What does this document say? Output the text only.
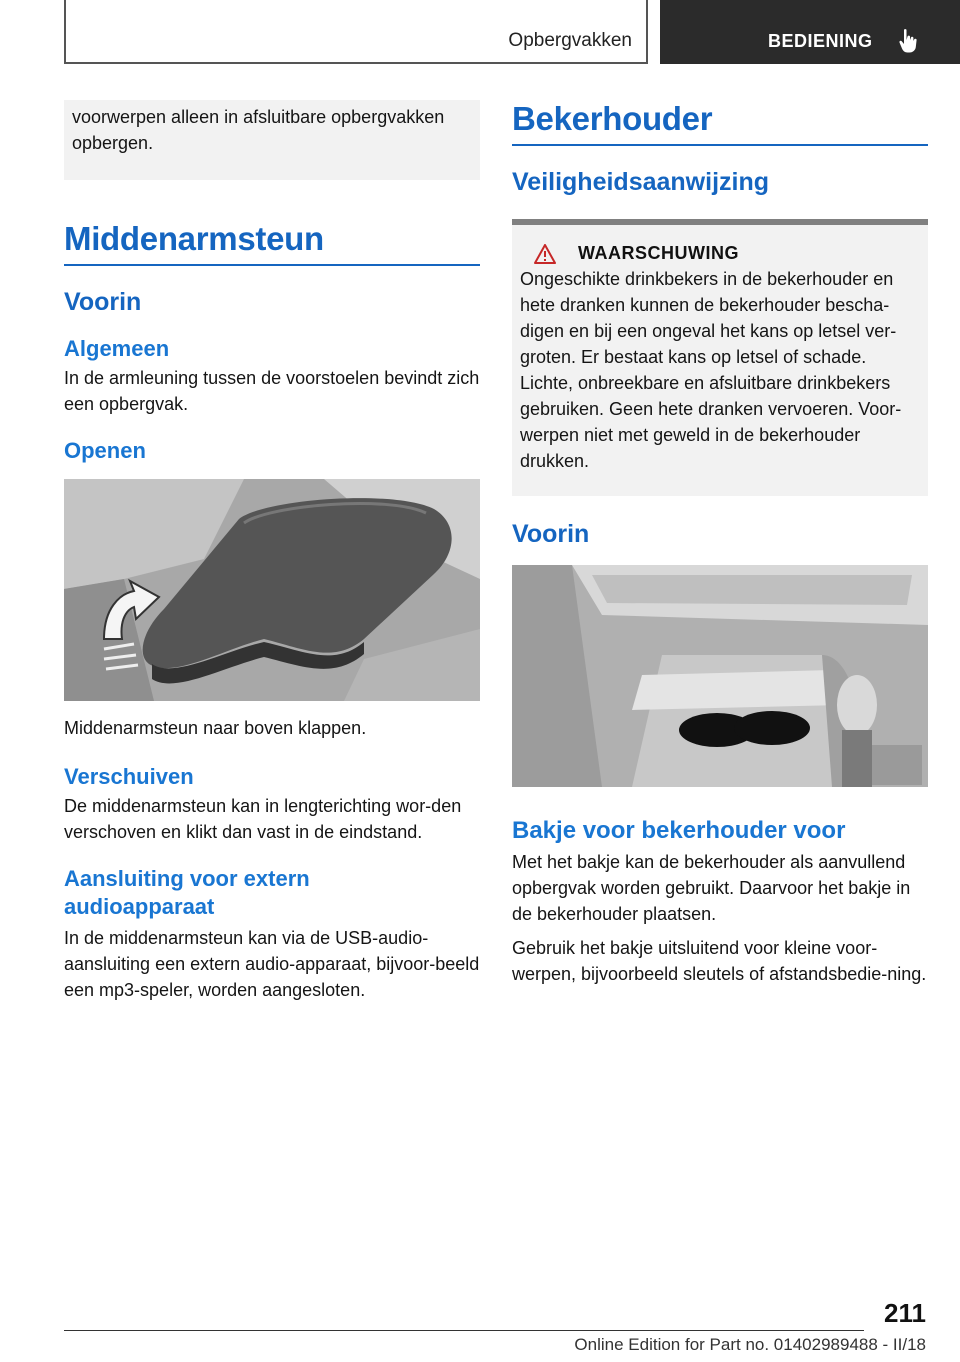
Opbergvakken	BEDIENING
voorwerpen alleen in afsluitbare opbergvakken opbergen.
Middenarmsteun
Voorin
Algemeen
In de armleuning tussen de voorstoelen bevindt zich een opbergvak.
Openen
Middenarmsteun naar boven klappen.
Verschuiven
De middenarmsteun kan in lengterichting wor-den verschoven en klikt dan vast in de eindstand.
Aansluiting voor extern audioapparaat
In de middenarmsteun kan via de USB-audio-aansluiting een extern audio-apparaat, bijvoor-beeld een mp3-speler, worden aangesloten.
Bekerhouder
Veiligheidsaanwijzing
WAARSCHUWING
Ongeschikte drinkbekers in de bekerhouder en hete dranken kunnen de bekerhouder bescha-digen en bij een ongeval het kans op letsel ver-groten. Er bestaat kans op letsel of schade. Lichte, onbreekbare en afsluitbare drinkbekers gebruiken. Geen hete dranken vervoeren. Voor-werpen niet met geweld in de bekerhouder drukken.
Voorin
Bakje voor bekerhouder voor
Met het bakje kan de bekerhouder als aanvullend opbergvak worden gebruikt. Daarvoor het bakje in de bekerhouder plaatsen.
Gebruik het bakje uitsluitend voor kleine voor-werpen, bijvoorbeeld sleutels of afstandsbedie-ning.
211
Online Edition for Part no. 01402989488 - II/18
